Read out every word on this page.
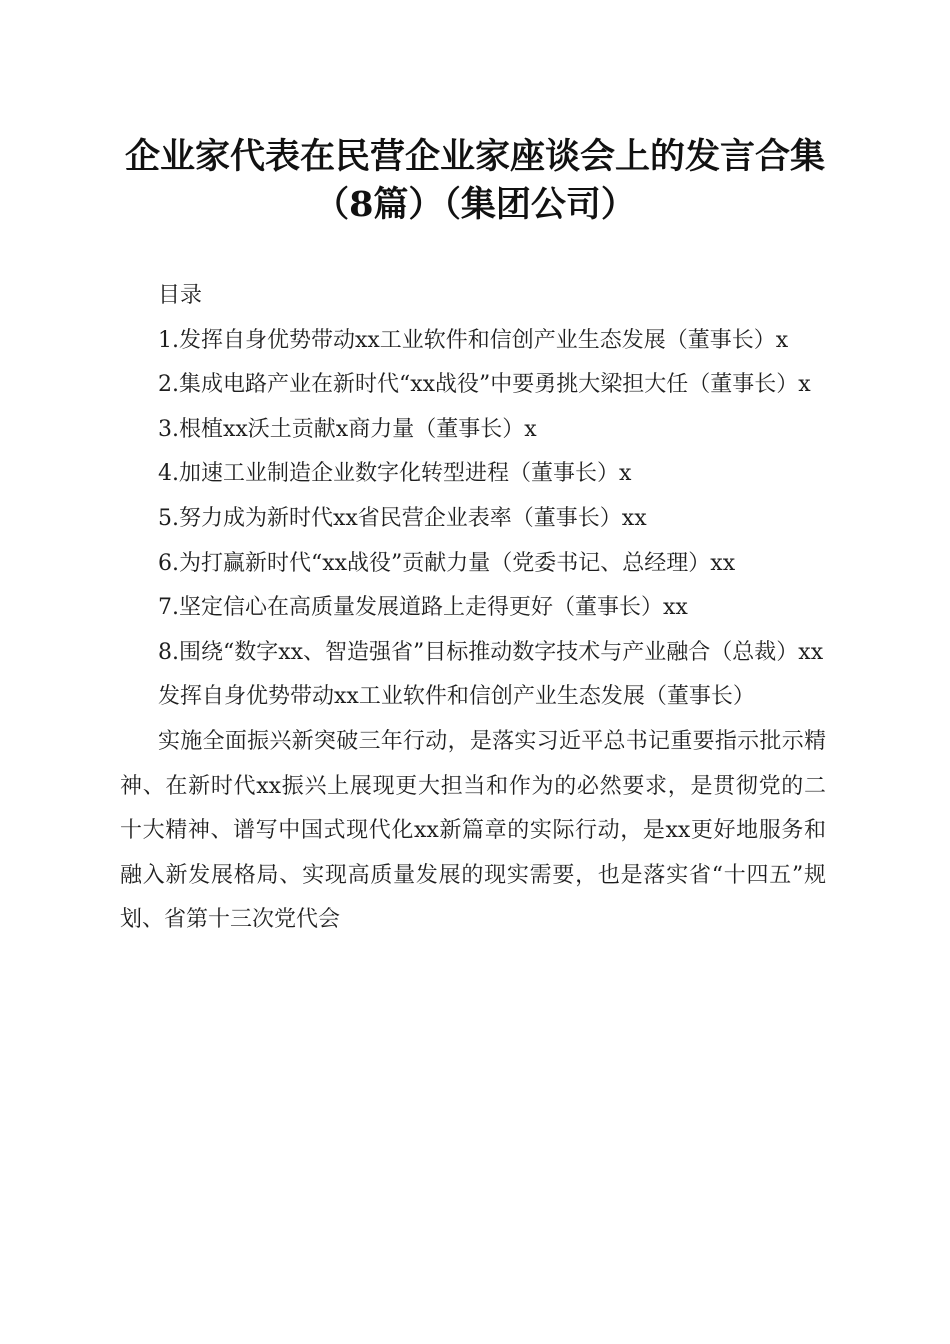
企业家代表在民营企业家座谈会上的发言合集
（8篇）（集团公司）

目录

1.发挥自身优势带动xx工业软件和信创产业生态发展（董事长）x

2.集成电路产业在新时代“xx战役”中要勇挑大梁担大任（董事长）x

3.根植xx沃土贡献x商力量（董事长）x

4.加速工业制造企业数字化转型进程（董事长）x

5.努力成为新时代xx省民营企业表率（董事长）xx

6.为打赢新时代“xx战役”贡献力量（党委书记、总经理）xx

7.坚定信心在高质量发展道路上走得更好（董事长）xx

8.围绕“数字xx、智造强省”目标推动数字技术与产业融合（总裁）xx

发挥自身优势带动xx工业软件和信创产业生态发展（董事长）

实施全面振兴新突破三年行动，是落实习近平总书记重要指示批示精神、在新时代xx振兴上展现更大担当和作为的必然要求，是贯彻党的二十大精神、谱写中国式现代化xx新篇章的实际行动，是xx更好地服务和融入新发展格局、实现高质量发展的现实需要，也是落实省“十四五”规划、省第十三次党代会
